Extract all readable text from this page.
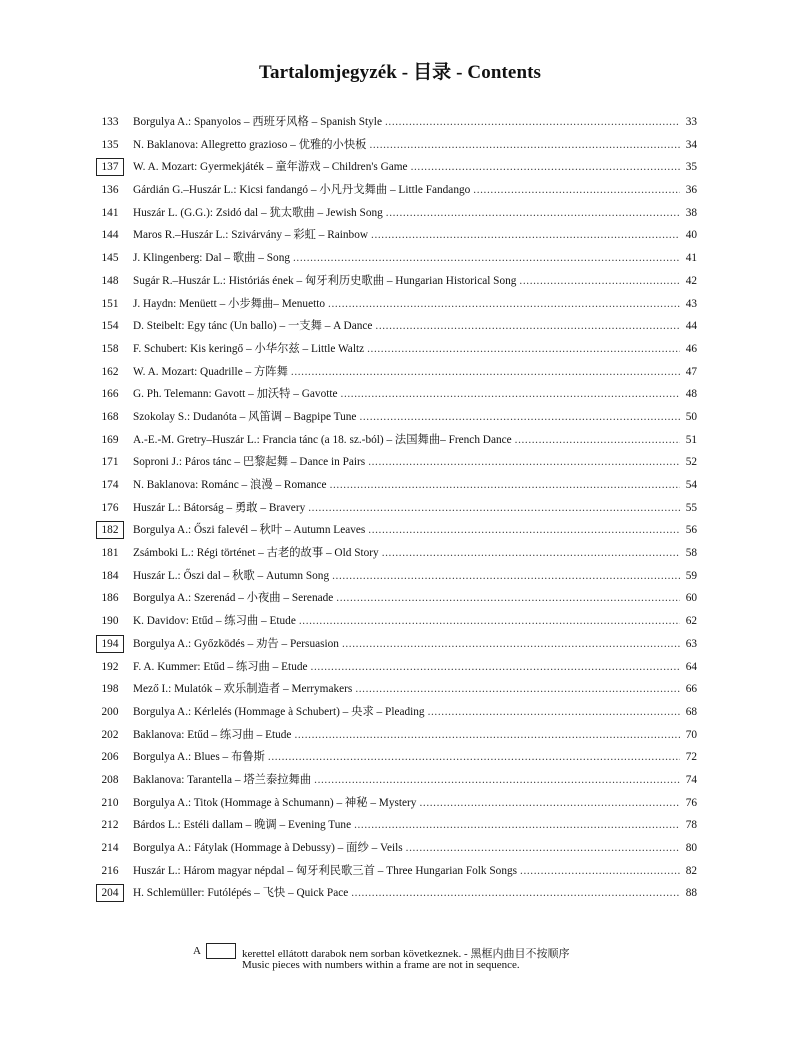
Tartalomjegyzék - 目录 - Contents
133	Borgulya A.: Spanyolos – 西班牙风格 – Spanish Style .....	33
135	N. Baklanova: Allegretto grazioso – 优雅的小快板 .....	34
137	W. A. Mozart: Gyermekjáték – 童年游戏 – Children's Game .....	35
136	Gárdián G.–Huszár L.: Kicsi fandangó – 小凡丹戈舞曲 – Little Fandango .....	36
141	Huszár L. (G.G.): Zsidó dal – 犹太歌曲 – Jewish Song .....	38
144	Maros R.–Huszár L.: Szivárvány – 彩虹 – Rainbow .....	40
145	J. Klingenberg: Dal – 歌曲 – Song .....	41
148	Sugár R.–Huszár L.: Históriás ének – 匈牙利历史歌曲 – Hungarian Historical Song .....	42
151	J. Haydn: Menüett – 小步舞曲– Menuetto .....	43
154	D. Steibelt: Egy tánc (Un ballo) – 一支舞 – A Dance .....	44
158	F. Schubert: Kis keringő – 小华尔兹 – Little Waltz .....	46
162	W. A. Mozart: Quadrille – 方阵舞 .....	47
166	G. Ph. Telemann: Gavott – 加沃特 – Gavotte .....	48
168	Szokolay S.: Dudanóta – 风笛调 – Bagpipe Tune .....	50
169	A.-E.-M. Gretry–Huszár L.: Francia tánc (a 18. sz.-ból) – 法国舞曲– French Dance .....	51
171	Soproni J.: Páros tánc – 巴黎起舞 – Dance in Pairs .....	52
174	N. Baklanova: Románc – 浪漫 – Romance .....	54
176	Huszár L.: Bátorság – 勇敢 – Bravery .....	55
182	Borgulya A.: Őszi falevél – 秋叶 – Autumn Leaves .....	56
181	Zsámboki L.: Régi történet – 古老的故事 – Old Story .....	58
184	Huszár L.: Őszi dal – 秋歌 – Autumn Song .....	59
186	Borgulya A.: Szerenád – 小夜曲 – Serenade .....	60
190	K. Davidov: Etűd – 练习曲 – Etude .....	62
194	Borgulya A.: Győzködés – 劝告 – Persuasion .....	63
192	F. A. Kummer: Etűd – 练习曲 – Etude .....	64
198	Mező I.: Mulatók – 欢乐制造者 – Merrymakers .....	66
200	Borgulya A.: Kérlelés (Hommage à Schubert) – 央求 – Pleading .....	68
202	Baklanova: Etűd – 练习曲 – Etude .....	70
206	Borgulya A.: Blues – 布鲁斯 .....	72
208	Baklanova: Tarantella – 塔兰泰拉舞曲 .....	74
210	Borgulya A.: Titok (Hommage à Schumann) – 神秘 – Mystery .....	76
212	Bárdos L.: Estéli dallam – 晚调 – Evening Tune .....	78
214	Borgulya A.: Fátylak (Hommage à Debussy) – 面纱 – Veils .....	80
216	Huszár L.: Három magyar népdal – 匈牙利民歌三首 – Three Hungarian Folk Songs .....	82
204	H. Schlemüller: Futólépés – 飞快 – Quick Pace .....	88
A	kerettel ellátott darabok nem sorban következnek. - 黑框内曲目不按顺序
Music pieces with numbers within a frame are not in sequence.
